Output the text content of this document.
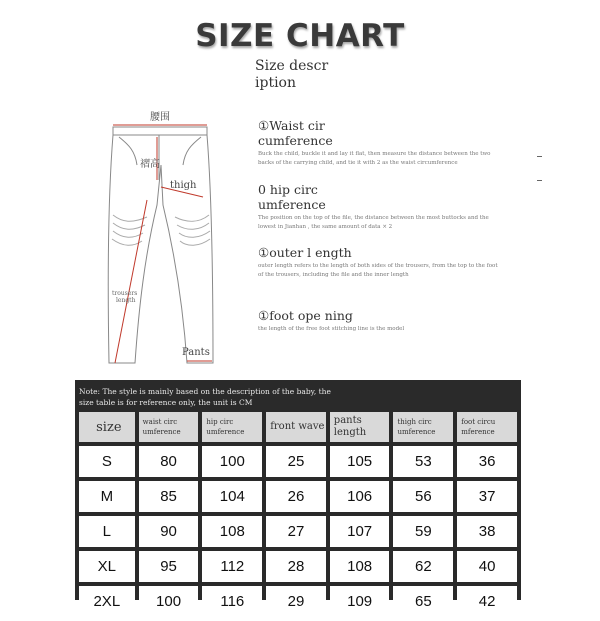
SIZE CHART
Size descr iption
腰围
褶高
thigh
trousers
length
Pants
①Waist cir cumference
Buck the child, buckle it and lay it flat, then measure the distance between the two backs of the carrying child, and tie it with 2 as the waist circumference
0 hip circ umference
The position on the top of the file, the distance between the most buttocks and the lowest in Jianhan , the same amount of data × 2
①outer l ength
outer length refers to the length of both sides of the trousers, from the top to the foot of the trousers, including the file and the inner length
①foot ope ning
the length of the free foot stitching line is the model
Note: The style is mainly based on the description of the baby, the size table is for reference only, the unit is CM
size	waist circ umference	hip circ umference	front wave	pants length	thigh circ umference	foot circu mference

S	80	100	25	105	53	36
M	85	104	26	106	56	37
L	90	108	27	107	59	38
XL	95	112	28	108	62	40
2XL	100	116	29	109	65	42
